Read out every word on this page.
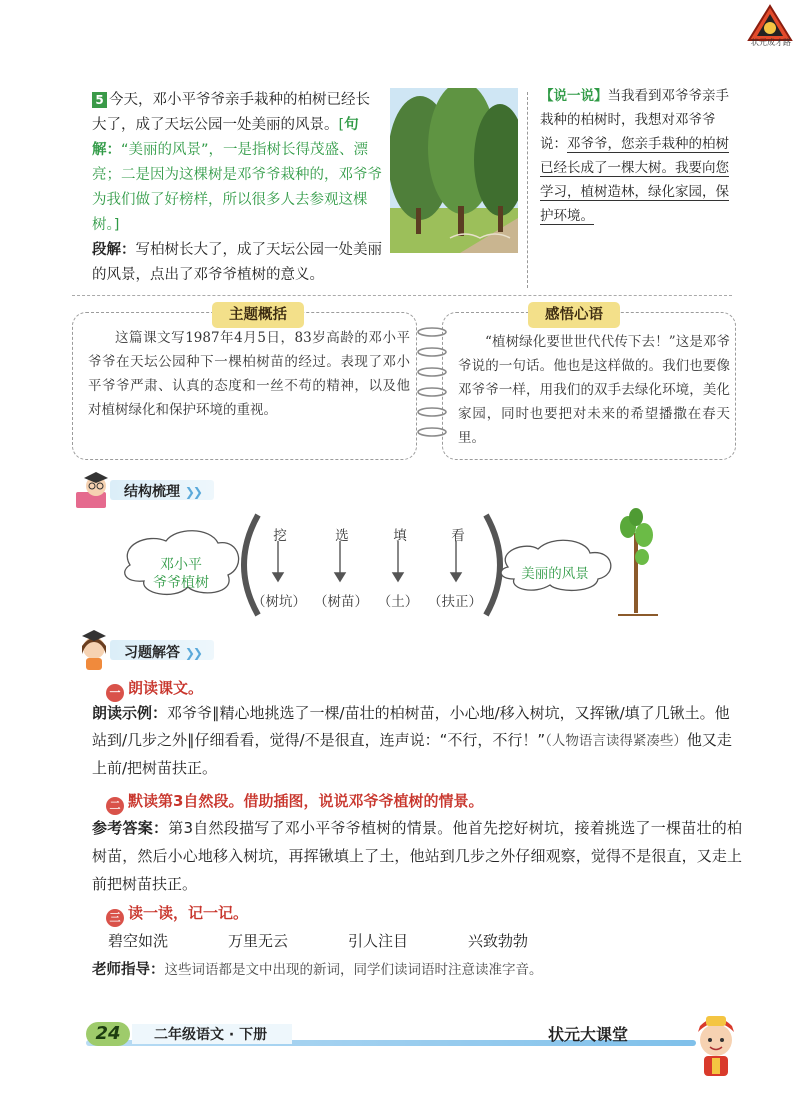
状元成才路
5 今天，邓小平爷爷亲手栽种的柏树已经长大了，成了天坛公园一处美丽的风景。[句解：“美丽的风景”，一是指树长得茂盛、漂亮；二是因为这棵树是邓爷爷栽种的，邓爷爷为我们做了好榜样，所以很多人去参观这棵树。]
段解：写柏树长大了，成了天坛公园一处美丽的风景，点出了邓爷爷植树的意义。
【说一说】当我看到邓爷爷亲手栽种的柏树时，我想对邓爷爷说：邓爷爷，您亲手栽种的柏树已经长成了一棵大树。我要向您学习，植树造林，绿化家园，保护环境。
主题概括	感悟心语
这篇课文写1987年4月5日，83岁高龄的邓小平爷爷在天坛公园种下一棵柏树苗的经过。表现了邓小平爷爷严肃、认真的态度和一丝不苟的精神，以及他对植树绿化和保护环境的重视。
“植树绿化要世世代代传下去！”这是邓爷爷说的一句话。他也是这样做的。我们也要像邓爷爷一样，用我们的双手去绿化环境，美化家园，同时也要把对未来的希望播撒在春天里。
结构梳理 ❯❯
邓小平
爷爷植树
挖	选	填	看
（树坑） （树苗） （土） （扶正）
美丽的风景
习题解答 ❯❯
一 朗读课文。
朗读示例：邓爷爷∥精心地挑选了一棵/苗壮的柏树苗，小心地/移入树坑，又挥锹/填了几锹土。他站到/几步之外∥仔细看看，觉得/不是很直，连声说：“不行，不行！”（人物语言读得紧凑些）他又走上前/把树苗扶正。
二 默读第3自然段。借助插图，说说邓爷爷植树的情景。
参考答案：第3自然段描写了邓小平爷爷植树的情景。他首先挖好树坑，接着挑选了一棵苗壮的柏树苗，然后小心地移入树坑，再挥锹填上了土，他站到几步之外仔细观察，觉得不是很直，又走上前把树苗扶正。
三 读一读，记一记。
碧空如洗	万里无云	引人注目	兴致勃勃
老师指导：这些词语都是文中出现的新词，同学们读词语时注意读准字音。
24	二年级语文 · 下册	状元大课堂
